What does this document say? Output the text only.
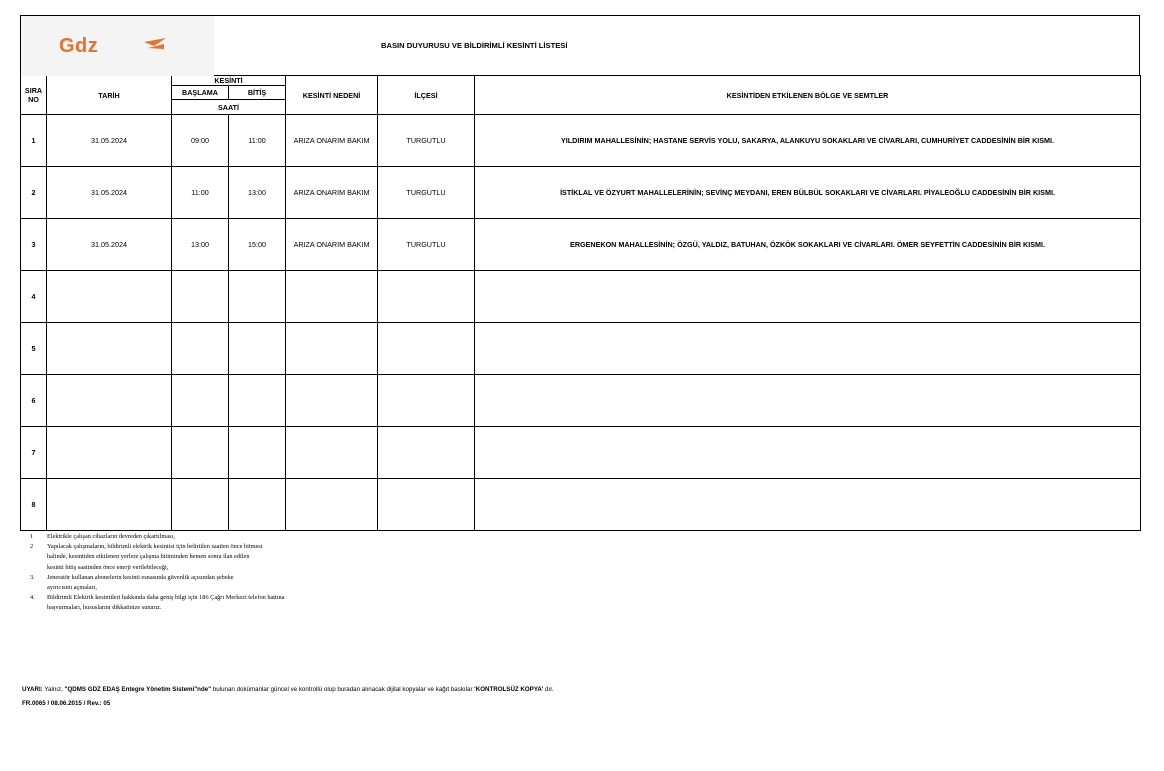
Gdz	BASIN DUYURUSU VE BİLDİRİMLİ KESİNTİ LİSTESİ
SIRA NO	TARİH	KESİNTİ		KESİNTİ NEDENİ	İLÇESİ	KESİNTİDEN ETKİLENEN BÖLGE VE SEMTLER
		BAŞLAMA	BİTİŞ			
		SAATİ				
1	31.05.2024	09:00	11:00	ARIZA ONARIM BAKIM	TURGUTLU	YILDIRIM MAHALLESİNİN; HASTANE SERVİS YOLU, SAKARYA, ALANKUYU SOKAKLARI VE CİVARLARI, CUMHURİYET CADDESİNİN BİR KISMI.
2	31.05.2024	11:00	13:00	ARIZA ONARIM BAKIM	TURGUTLU	İSTİKLAL VE ÖZYURT MAHALLELERİNİN; SEVİNÇ MEYDANI, EREN BÜLBÜL SOKAKLARI VE CİVARLARI. PİYALEOĞLU CADDESİNİN BİR KISMI.
3	31.05.2024	13:00	15:00	ARIZA ONARIM BAKIM	TURGUTLU	ERGENEKON MAHALLESİNİN; ÖZGÜ, YALDIZ, BATUHAN, ÖZKÖK SOKAKLARI VE CİVARLARI. ÖMER SEYFETTİN CADDESİNİN BİR KISMI.
4						
5						
6						
7						
8						
1	Elektrikle çalışan cihazların devreden çıkartılması,
2	Yapılacak çalışmaların, bildirimli elektrik kesintisi için belirtilen saatten önce bitmesi
halinde, kesintiden etkilenen yerlere çalışma bitiminden hemen sonra ilan edilen
kesinti bitiş saatinden önce enerji verilebileceği,
3.	Jeneratör kullanan abonelerin kesinti esnasında güvenlik açısından şebeke
ayırıcısını açmaları,
4.	Bildirimli Elektrik kesintileri hakkında daha geniş bilgi için 186 Çağrı Merkezi telefon hattına
başvurmaları, hususlarını dikkatinize sunarız.
UYARI: Yalnız, "QDMS GDZ EDAŞ Entegre Yönetim Sistemi"nde" bulunan dokümanlar güncel ve kontrollü olup buradan alınacak dijital kopyalar ve kağıt baskılar 'KONTROLSÜZ KOPYA' dır.
FR.0065 / 08.06.2015 / Rev.: 05
